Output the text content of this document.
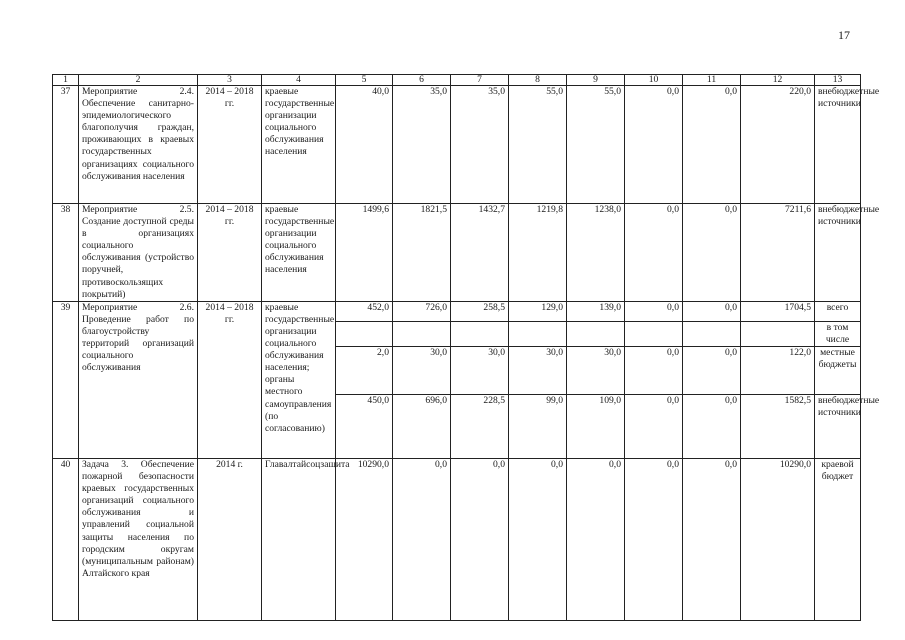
17
1	2	3	4	5	6	7	8	9	10	11	12	13
37	Мероприятие 2.4. Обеспечение санитарно-эпидемиологического благополучия граждан, проживающих в краевых государственных организациях социального обслуживания населения	2014 – 2018 гг.	краевые государственные организации социального обслуживания населения	40,0	35,0	35,0	55,0	55,0	0,0	0,0	220,0	внебюджетные источники
38	Мероприятие 2.5. Создание доступной среды в организациях социального обслуживания (устройство поручней, противоскользящих покрытий)	2014 – 2018 гг.	краевые государственные организации социального обслуживания населения	1499,6	1821,5	1432,7	1219,8	1238,0	0,0	0,0	7211,6	внебюджетные источники
39	Мероприятие 2.6. Проведение работ по благоустройству территорий организаций социального обслуживания	2014 – 2018 гг.	краевые государственные организации социального обслуживания населения; органы местного самоуправления (по согласованию)	452,0	726,0	258,5	129,0	139,0	0,0	0,0	1704,5	всего
												в том числе
				2,0	30,0	30,0	30,0	30,0	0,0	0,0	122,0	местные бюджеты
				450,0	696,0	228,5	99,0	109,0	0,0	0,0	1582,5	внебюджетные источники
40	Задача 3. Обеспечение пожарной безопасности краевых государственных организаций социального обслуживания и управлений социальной защиты населения по городским округам (муниципальным районам) Алтайского края	2014 г.	Главалтайсоцзащита	10290,0	0,0	0,0	0,0	0,0	0,0	0,0	10290,0	краевой бюджет
